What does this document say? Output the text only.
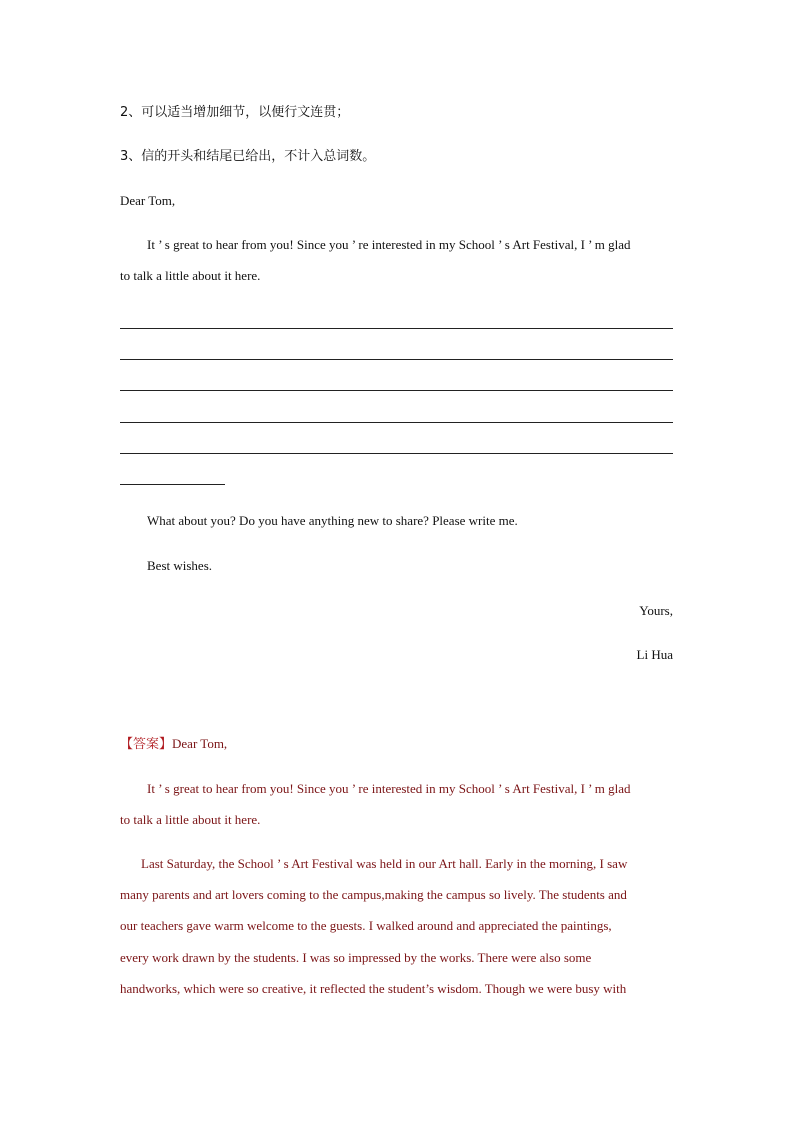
2、可以适当增加细节，以便行文连贯；

3、信的开头和结尾已给出，不计入总词数。

Dear Tom,

It ’ s great to hear from you! Since you ’ re interested in my School ’ s Art Festival, I ’ m glad

to talk a little about it here.

What about you? Do you have anything new to share? Please write me.

Best wishes.

Yours,

Li Hua

【答案】Dear Tom,

It ’ s great to hear from you! Since you ’ re interested in my School ’ s Art Festival, I ’ m glad

to talk a little about it here.

Last Saturday, the School ’ s Art Festival was held in our Art hall. Early in the morning, I saw

many parents and art lovers coming to the campus,making the campus so lively. The students and

our teachers gave warm welcome to the guests. I walked around and appreciated the paintings,

every work drawn by the students. I was so impressed by the works. There were also some

handworks, which were so creative, it reflected the student’s wisdom. Though we were busy with
